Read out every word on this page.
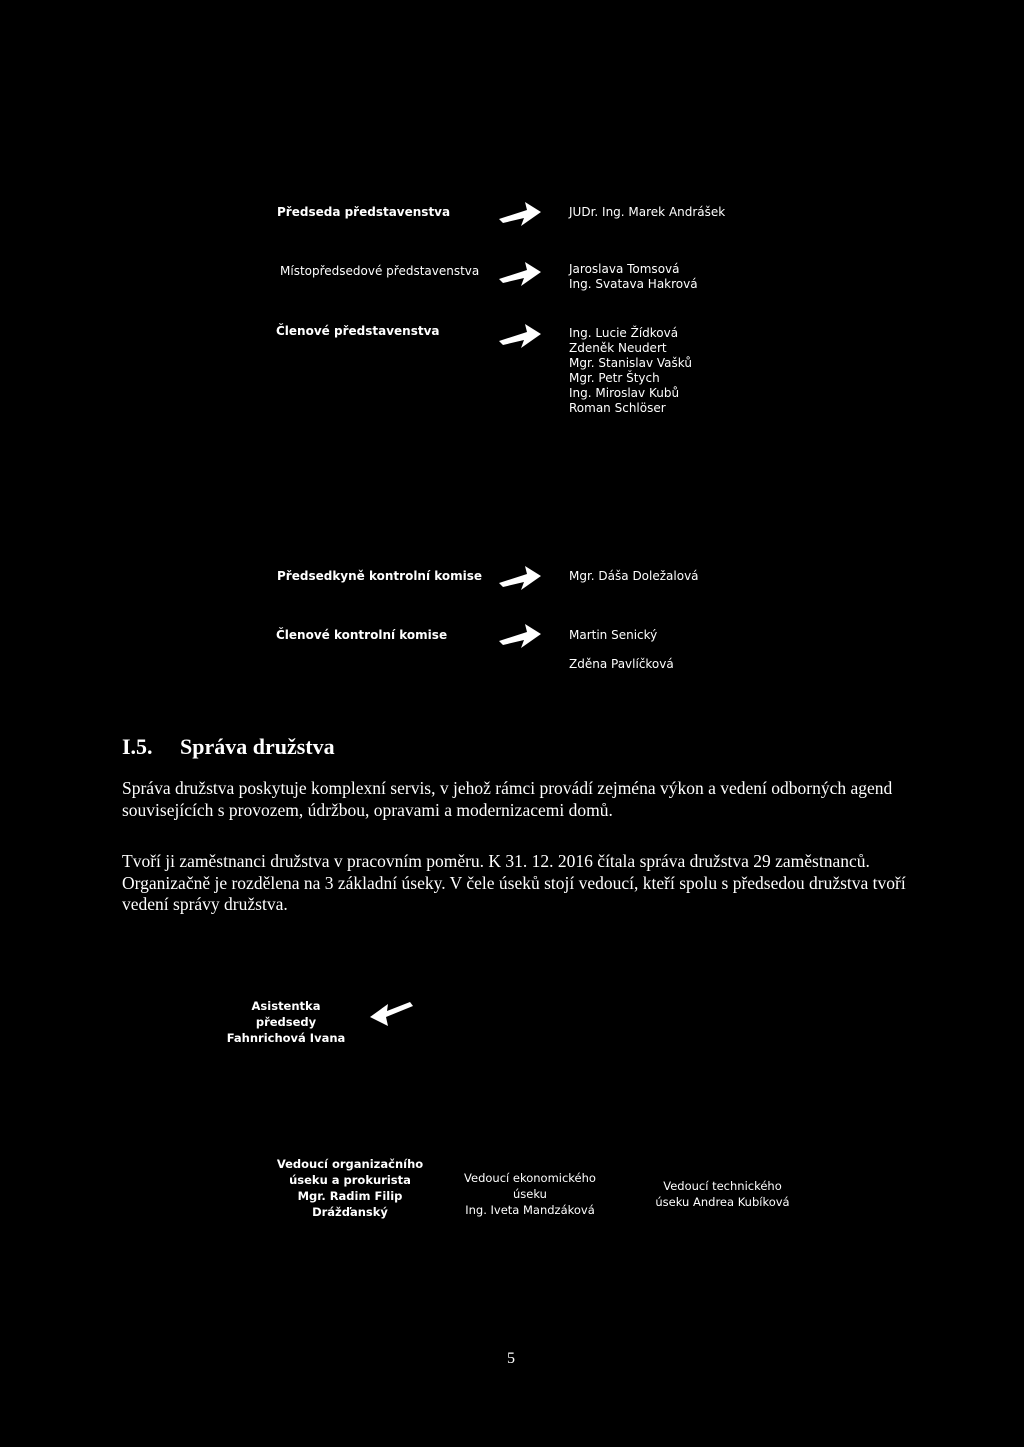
Předseda představenstva	JUDr. Ing. Marek Andrášek
Místopředsedové představenstva	Jaroslava Tomsová
Ing. Svatava Hakrová
Členové představenstva	Ing. Lucie Žídková
Zdeněk Neudert
Mgr. Stanislav Vašků
Mgr. Petr Štych
Ing. Miroslav Kubů
Roman Schlöser
Předsedkyně kontrolní komise	Mgr. Dáša Doležalová
Členové kontrolní komise	Martin Senický
Zděna Pavlíčková
I.5. Správa družstva
Správa družstva poskytuje komplexní servis, v jehož rámci provádí zejména výkon a vedení odborných agend souvisejících s provozem, údržbou, opravami a modernizacemi domů.
Tvoří ji zaměstnanci družstva v pracovním poměru. K 31. 12. 2016 čítala správa družstva 29 zaměstnanců. Organizačně je rozdělena na 3 základní úseky. V čele úseků stojí vedoucí, kteří spolu s předsedou družstva tvoří vedení správy družstva.
Asistentka
předsedy
Fahnrichová Ivana
Vedoucí organizačního
úseku a prokurista
Mgr. Radim Filip
Drážďanský
Vedoucí ekonomického
úseku
Ing. Iveta Mandzáková
Vedoucí technického
úseku Andrea Kubíková
5
